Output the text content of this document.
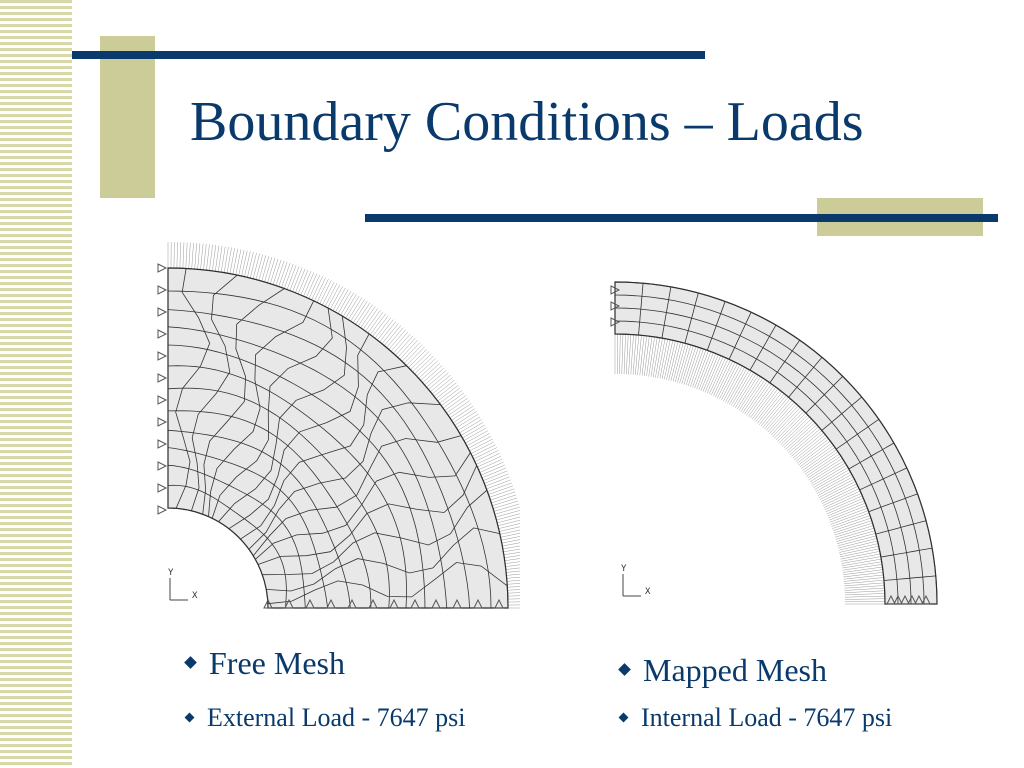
Boundary Conditions – Loads
Y
X
Y
X
Free Mesh
External Load - 7647 psi
Mapped Mesh
Internal Load - 7647 psi
